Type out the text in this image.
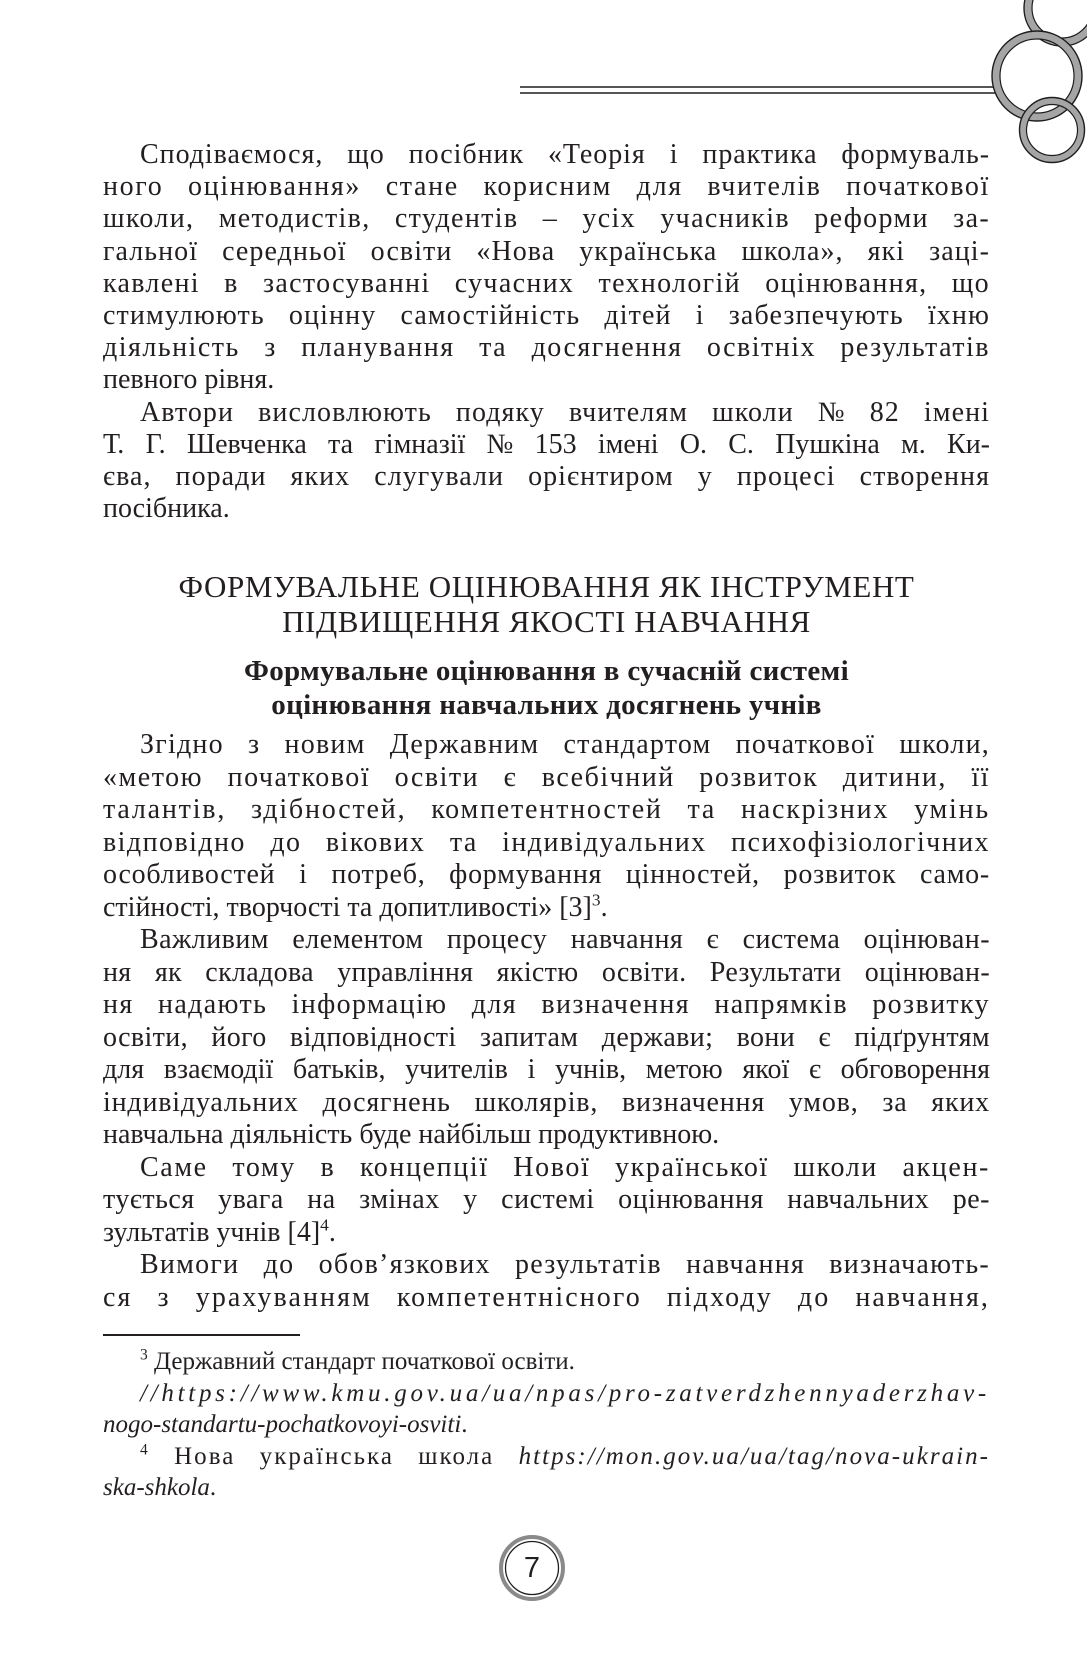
Сподіваємося, що посібник «Теорія і практика формуваль-
ного оцінювання» стане корисним для вчителів початкової
школи, методистів, студентів – усіх учасників реформи за-
гальної середньої освіти «Нова українська школа», які заці-
кавлені в застосуванні сучасних технологій оцінювання, що
стимулюють оцінну самостійність дітей і забезпечують їхню
діяльність з планування та досягнення освітніх результатів
певного рівня.
Автори висловлюють подяку вчителям школи № 82 імені
Т. Г. Шевченка та гімназії № 153 імені О. С. Пушкіна м. Ки-
єва, поради яких слугували орієнтиром у процесі створення
посібника.
ФОРМУВАЛЬНЕ ОЦІНЮВАННЯ ЯК ІНСТРУМЕНТ
ПІДВИЩЕННЯ ЯКОСТІ НАВЧАННЯ
Формувальне оцінювання в сучасній системі
оцінювання навчальних досягнень учнів
Згідно з новим Державним стандартом початкової школи,
«метою початкової освіти є всебічний розвиток дитини, її
талантів, здібностей, компетентностей та наскрізних умінь
відповідно до вікових та індивідуальних психофізіологічних
особливостей і потреб, формування цінностей, розвиток само-
стійності, творчості та допитливості» $[3]^3$.
Важливим елементом процесу навчання є система оцінюван-
ня як складова управління якістю освіти. Результати оцінюван-
ня надають інформацію для визначення напрямків розвитку
освіти, його відповідності запитам держави; вони є підґрунтям
для взаємодії батьків, учителів і учнів, метою якої є обговорення
індивідуальних досягнень школярів, визначення умов, за яких
навчальна діяльність буде найбільш продуктивною.
Саме тому в концепції Нової української школи акцен-
тується увага на змінах у системі оцінювання навчальних ре-
зультатів учнів $[4]^4$.
Вимоги до обов’язкових результатів навчання визначають-
ся з урахуванням компетентнісного підходу до навчання,
$^3$ Державний стандарт початкової освіти.
//https://www.kmu.gov.ua/ua/npas/pro-zatverdzhennyaderzhav-
nogo-standartu-pochatkovoyi-osviti.
$^4$ Нова українська школа https://mon.gov.ua/ua/tag/nova-ukrain-
ska-shkola.
7
